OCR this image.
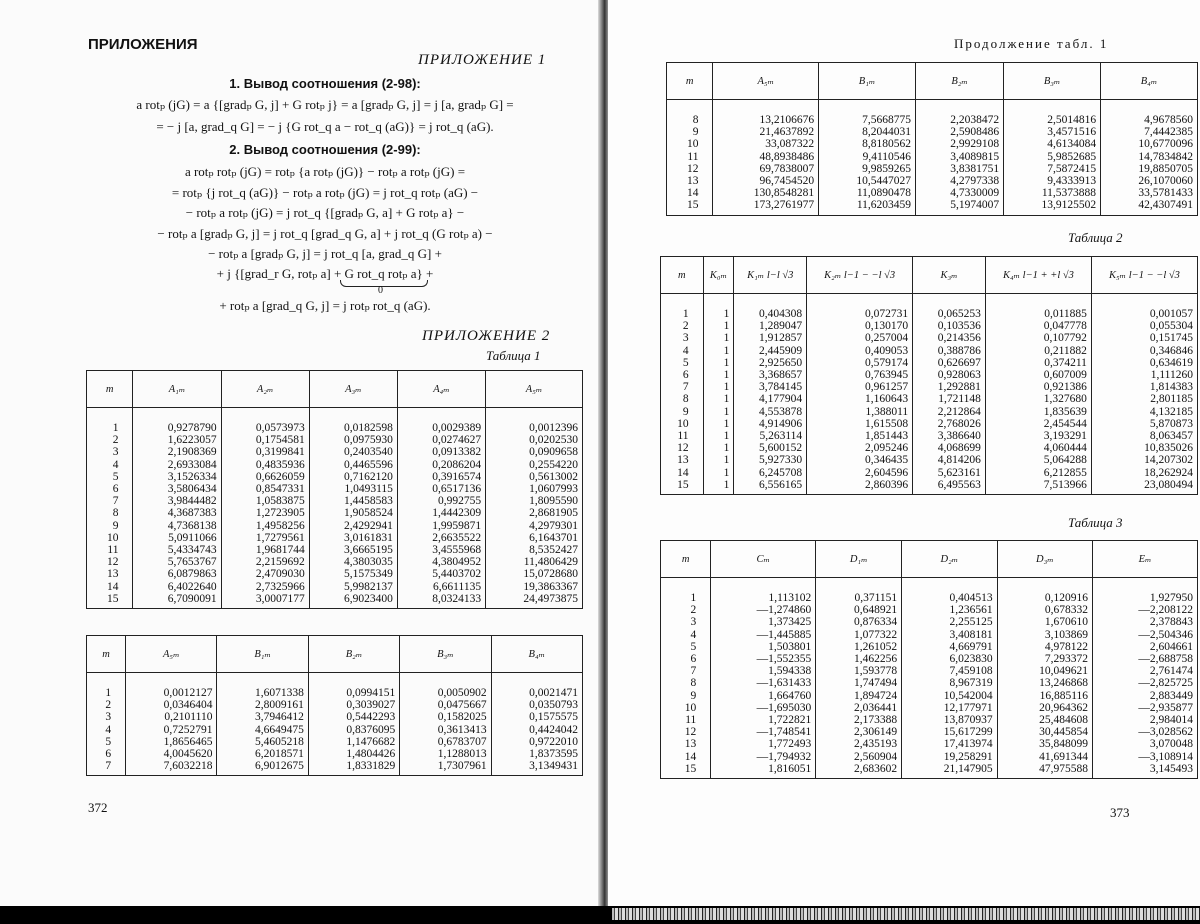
ПРИЛОЖЕНИЯ
ПРИЛОЖЕНИЕ 1
1. Вывод соотношения (2-98):
a rotₚ (jG) = a {[gradₚ G, j] + G rotₚ j} = a [gradₚ G, j] = j [a, gradₚ G] =
= − j [a, grad_q G] = − j {G rot_q a − rot_q (aG)} = j rot_q (aG).
2. Вывод соотношения (2-99):
a rotₚ rotₚ (jG) = rotₚ {a rotₚ (jG)} − rotₚ a rotₚ (jG) =
= rotₚ {j rot_q (aG)} − rotₚ a rotₚ (jG) = j rot_q rotₚ (aG) −
− rotₚ a rotₚ (jG) = j rot_q {[gradₚ G, a] + G rotₚ a} −
− rotₚ a [gradₚ G, j] = j rot_q [grad_q G, a] + j rot_q (G rotₚ a) −
− rotₚ a [gradₚ G, j] = j rot_q [a, grad_q G] +
+ j {[grad_r G, rotₚ a] + G rot_q rotₚ a} +
0
+ rotₚ a [grad_q G, j] = j rotₚ rot_q (aG).
ПРИЛОЖЕНИЕ 2
Таблица 1
m	A₁ₘ	A₂ₘ	A₃ₘ	A₄ₘ	A₅ₘ
1	0,9278790	0,0573973	0,0182598	0,0029389	0,0012396
2	1,6223057	0,1754581	0,0975930	0,0274627	0,0202530
3	2,1908369	0,3199841	0,2403540	0,0913382	0,0909658
4	2,6933084	0,4835936	0,4465596	0,2086204	0,2554220
5	3,1526334	0,6626059	0,7162120	0,3916574	0,5613002
6	3,5806434	0,8547331	1,0493115	0,6517136	1,0607993
7	3,9844482	1,0583875	1,4458583	0,992755	1,8095590
8	4,3687383	1,2723905	1,9058524	1,4442309	2,8681905
9	4,7368138	1,4958256	2,4292941	1,9959871	4,2979301
10	5,0911066	1,7279561	3,0161831	2,6635522	6,1643701
11	5,4334743	1,9681744	3,6665195	3,4555968	8,5352427
12	5,7653767	2,2159692	4,3803035	4,3804952	11,4806429
13	6,0879863	2,4709030	5,1575349	5,4403702	15,0728680
14	6,4022640	2,7325966	5,9982137	6,6611135	19,3863367
15	6,7090091	3,0007177	6,9023400	8,0324133	24,4973875
m	A₅ₘ	B₁ₘ	B₂ₘ	B₃ₘ	B₄ₘ
1	0,0012127	1,6071338	0,0994151	0,0050902	0,0021471
2	0,0346404	2,8009161	0,3039027	0,0475667	0,0350793
3	0,2101110	3,7946412	0,5442293	0,1582025	0,1575575
4	0,7252791	4,6649475	0,8376095	0,3613413	0,4424042
5	1,8656465	5,4605218	1,1476682	0,6783707	0,9722010
6	4,0045620	6,2018571	1,4804426	1,1288013	1,8373595
7	7,6032218	6,9012675	1,8331829	1,7307961	3,1349431
372
Продолжение табл. 1
m	A₅ₘ	B₁ₘ	B₂ₘ	B₃ₘ	B₄ₘ
8	13,2106676	7,5668775	2,2038472	2,5014816	4,9678560
9	21,4637892	8,2044031	2,5908486	3,4571516	7,4442385
10	33,087322	8,8180562	2,9929108	4,6134084	10,6770096
11	48,8938486	9,4110546	3,4089815	5,9852685	14,7834842
12	69,7838007	9,9859265	3,8381751	7,5872415	19,8850705
13	96,7454520	10,5447027	4,2797338	9,4333913	26,1070060
14	130,8548281	11,0890478	4,7330009	11,5373888	33,5781433
15	173,2761977	11,6203459	5,1974007	13,9125502	42,4307491
Таблица 2
m	K₀ₘ	K₁ₘ l−l √3	K₂ₘ l−1 − −l √3	K₃ₘ	K₄ₘ l−1 + +l √3	K₅ₘ l−1 − −l √3
1	1	0,404308	0,072731	0,065253	0,011885	0,001057
2	1	1,289047	0,130170	0,103536	0,047778	0,055304
3	1	1,912857	0,257004	0,214356	0,107792	0,151745
4	1	2,445909	0,409053	0,388786	0,211882	0,346846
5	1	2,925650	0,579174	0,626697	0,374211	0,634619
6	1	3,368657	0,763945	0,928063	0,607009	1,111260
7	1	3,784145	0,961257	1,292881	0,921386	1,814383
8	1	4,177904	1,160643	1,721148	1,327680	2,801185
9	1	4,553878	1,388011	2,212864	1,835639	4,132185
10	1	4,914906	1,615508	2,768026	2,454544	5,870873
11	1	5,263114	1,851443	3,386640	3,193291	8,063457
12	1	5,600152	2,095246	4,068699	4,060444	10,835026
13	1	5,927330	0,346435	4,814206	5,064288	14,207302
14	1	6,245708	2,604596	5,623161	6,212855	18,262924
15	1	6,556165	2,860396	6,495563	7,513966	23,080494
Таблица 3
m	Cₘ	D₁ₘ	D₂ₘ	D₃ₘ	Eₘ
1	1,113102	0,371151	0,404513	0,120916	1,927950
2	—1,274860	0,648921	1,236561	0,678332	—2,208122
3	1,373425	0,876334	2,255125	1,670610	2,378843
4	—1,445885	1,077322	3,408181	3,103869	—2,504346
5	1,503801	1,261052	4,669791	4,978122	2,604661
6	—1,552355	1,462256	6,023830	7,293372	—2,688758
7	1,594338	1,593778	7,459108	10,049621	2,761474
8	—1,631433	1,747494	8,967319	13,246868	—2,825725
9	1,664760	1,894724	10,542004	16,885116	2,883449
10	—1,695030	2,036441	12,177971	20,964362	—2,935877
11	1,722821	2,173388	13,870937	25,484608	2,984014
12	—1,748541	2,306149	15,617299	30,445854	—3,028562
13	1,772493	2,435193	17,413974	35,848099	3,070048
14	—1,794932	2,560904	19,258291	41,691344	—3,108914
15	1,816051	2,683602	21,147905	47,975588	3,145493
373
